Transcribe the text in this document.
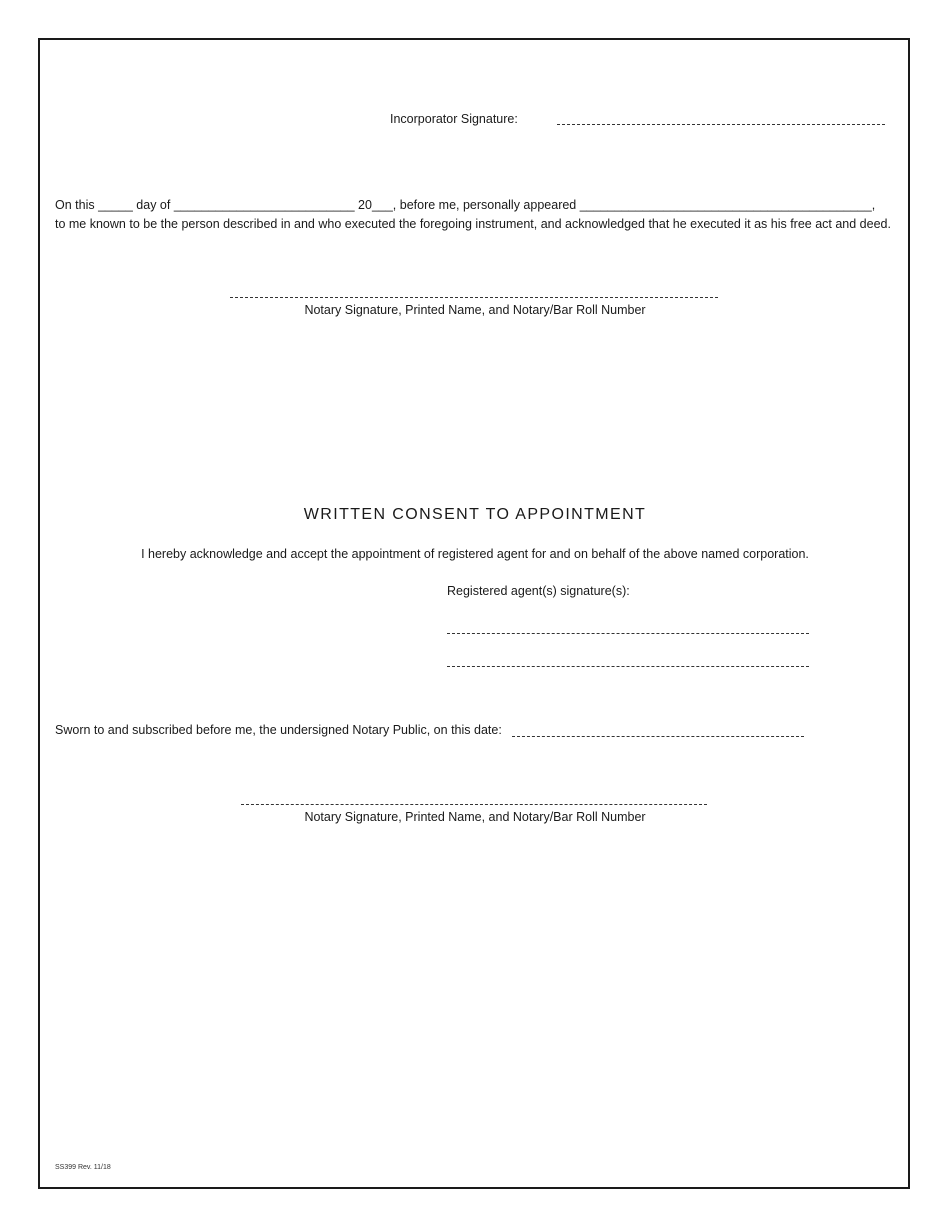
Incorporator Signature:
On this _____ day of __________________________ 20___, before me, personally appeared __________________________________________,
to me known to be the person described in and who executed the foregoing instrument, and acknowledged that he executed it as his free act and deed.
Notary Signature, Printed Name, and Notary/Bar Roll Number
WRITTEN CONSENT TO APPOINTMENT
I hereby acknowledge and accept the appointment of registered agent for and on behalf of the above named corporation.
Registered agent(s) signature(s):
Sworn to and subscribed before me, the undersigned Notary Public, on this date:
Notary Signature, Printed Name, and Notary/Bar Roll Number
SS399 Rev. 11/18
